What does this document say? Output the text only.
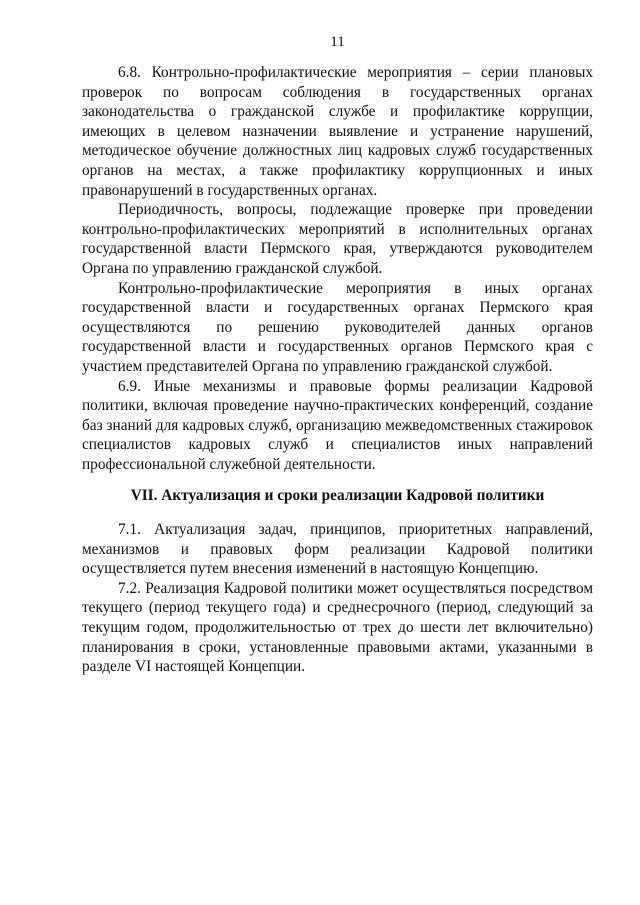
11

6.8. Контрольно-профилактические мероприятия – серии плановых проверок по вопросам соблюдения в государственных органах законодательства о гражданской службе и профилактике коррупции, имеющих в целевом назначении выявление и устранение нарушений, методическое обучение должностных лиц кадровых служб государственных органов на местах, а также профилактику коррупционных и иных правонарушений в государственных органах.

Периодичность, вопросы, подлежащие проверке при проведении контрольно-профилактических мероприятий в исполнительных органах государственной власти Пермского края, утверждаются руководителем Органа по управлению гражданской службой.

Контрольно-профилактические мероприятия в иных органах государственной власти и государственных органах Пермского края осуществляются по решению руководителей данных органов государственной власти и государственных органов Пермского края с участием представителей Органа по управлению гражданской службой.

6.9. Иные механизмы и правовые формы реализации Кадровой политики, включая проведение научно-практических конференций, создание баз знаний для кадровых служб, организацию межведомственных стажировок специалистов кадровых служб и специалистов иных направлений профессиональной служебной деятельности.

VII. Актуализация и сроки реализации Кадровой политики

7.1. Актуализация задач, принципов, приоритетных направлений, механизмов и правовых форм реализации Кадровой политики осуществляется путем внесения изменений в настоящую Концепцию.

7.2. Реализация Кадровой политики может осуществляться посредством текущего (период текущего года) и среднесрочного (период, следующий за текущим годом, продолжительностью от трех до шести лет включительно) планирования в сроки, установленные правовыми актами, указанными в разделе VI настоящей Концепции.
